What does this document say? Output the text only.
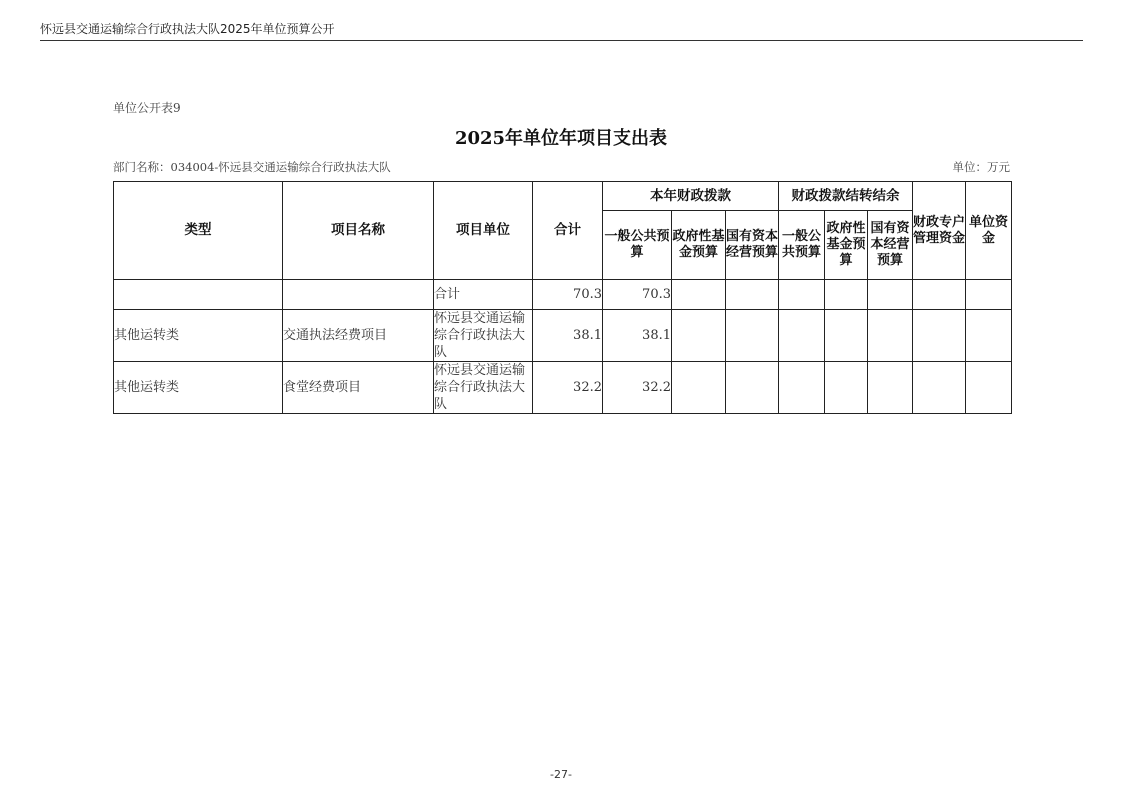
怀远县交通运输综合行政执法大队2025年单位预算公开
单位公开表9
2025年单位年项目支出表
部门名称：034004-怀远县交通运输综合行政执法大队	单位：万元
类型	项目名称	项目单位	合计	本年财政拨款			财政拨款结转结余			财政专户管理资金	单位资金
				一般公共预算	政府性基金预算	国有资本经营预算	一般公共预算	政府性基金预算	国有资本经营预算		
		合计	70.3	70.3							
其他运转类	交通执法经费项目	怀远县交通运输综合行政执法大队	38.1	38.1							
其他运转类	食堂经费项目	怀远县交通运输综合行政执法大队	32.2	32.2							
-27-
